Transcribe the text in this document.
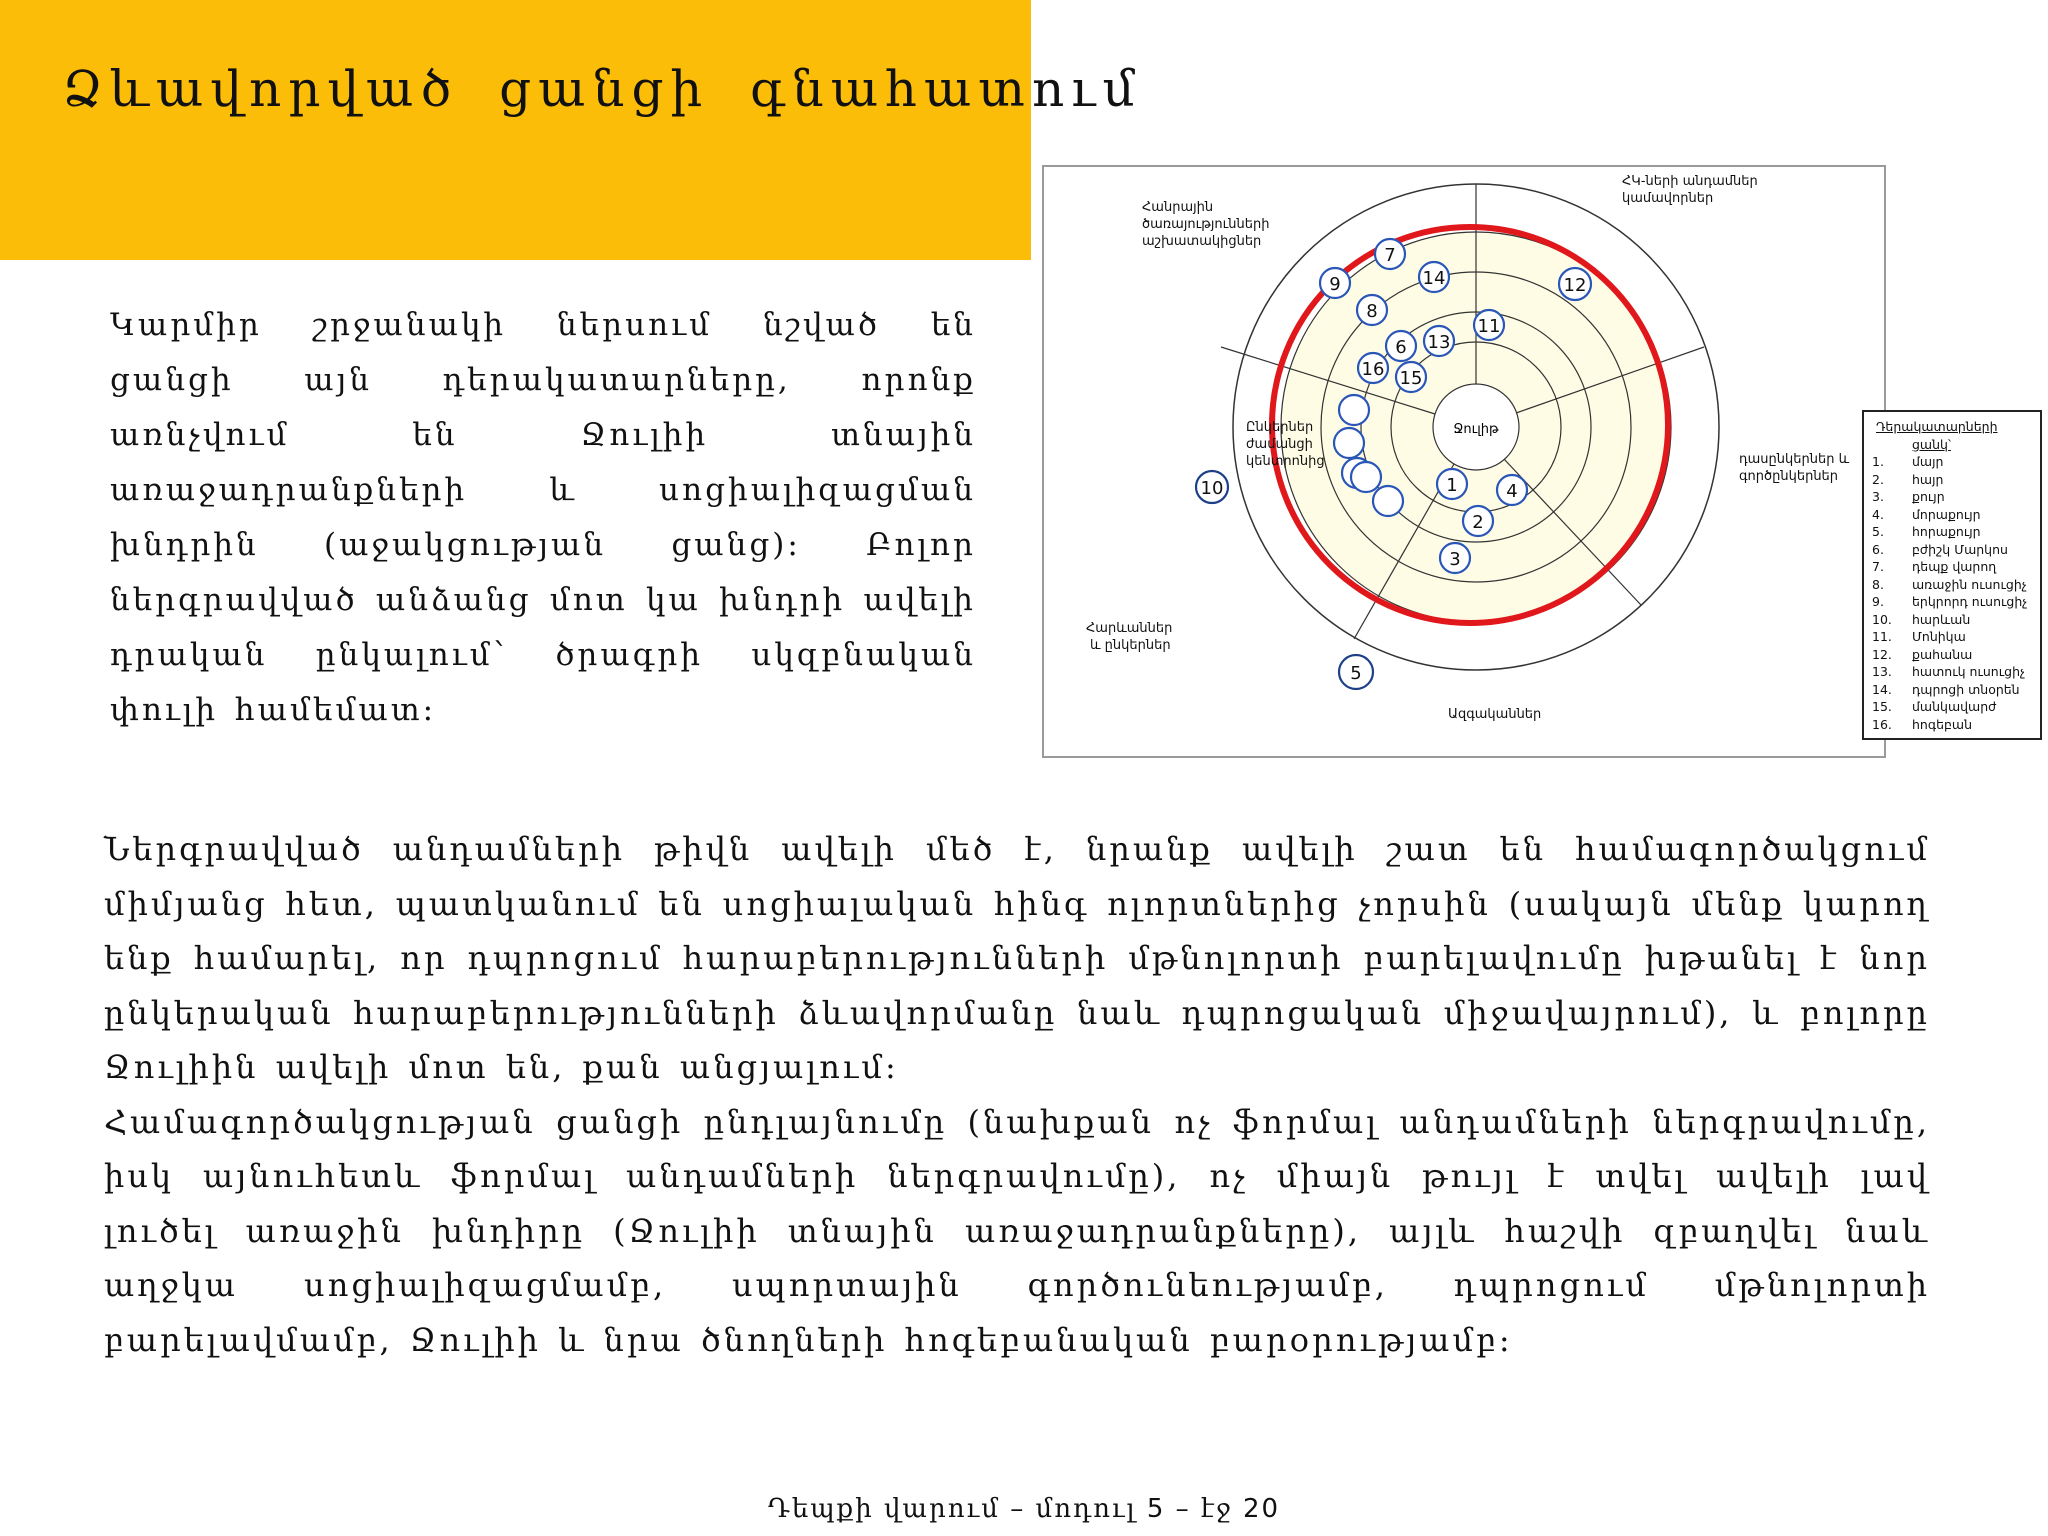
Ձևավորված ցանցի գնահատում

Կարմիր շրջանակի ներսում նշված են ցանցի այն դերակատարները, որոնք առնչվում են Ջուլիի տնային առաջադրանքների և սոցիալիզացման խնդրին (աջակցության ցանց)։ Բոլոր ներգրավված անձանց մոտ կա խնդրի ավելի դրական ընկալում՝ ծրագրի սկզբնական փուլի համեմատ:

Ջուլիթ
Հանրային
ծառայությունների
աշխատակիցներ
ՀԿ-ների անդամներ
կամավորներ
դասընկերներ և
գործընկերներ
Ազգականներ
Հարևաններ
և ընկերներ
Ընկերներ
ժամանցի
կենտրոնից
1
2
3
4
5
6
7
8
9
10
11
12
13
14
15
16
Դերակատարների
ցանկ՝
1.	մայր
2.	հայր
3.	քույր
4.	մորաքույր
5.	հորաքույր
6.	բժիշկ Մարկոս
7.	դեպք վարող
8.	առաջին ուսուցիչ
9.	երկրորդ ուսուցիչ
10.	հարևան
11.	Մոնիկա
12.	քահանա
13.	հատուկ ուսուցիչ
14.	դպրոցի տնօրեն
15.	մանկավարժ
16.	հոգեբան

Ներգրավված անդամների թիվն ավելի մեծ է, նրանք ավելի շատ են համագործակցում միմյանց հետ, պատկանում են սոցիալական հինգ ոլորտներից չորսին (սակայն մենք կարող ենք համարել, որ դպրոցում հարաբերությունների մթնոլորտի բարելավումը խթանել է նոր ընկերական հարաբերությունների ձևավորմանը նաև դպրոցական միջավայրում), և բոլորը Ջուլիին ավելի մոտ են, քան անցյալում:
Համագործակցության ցանցի ընդլայնումը (նախքան ոչ ֆորմալ անդամների ներգրավումը, իսկ այնուհետև ֆորմալ անդամների ներգրավումը), ոչ միայն թույլ է տվել ավելի լավ լուծել առաջին խնդիրը (Ջուլիի տնային առաջադրանքները), այլև հաշվի զբաղվել նաև աղջկա սոցիալիզացմամբ, սպորտային գործունեությամբ, դպրոցում մթնոլորտի բարելավմամբ, Ջուլիի և նրա ծնողների հոգեբանական բարօրությամբ:

Դեպքի վարում – մոդուլ 5 – էջ 20
